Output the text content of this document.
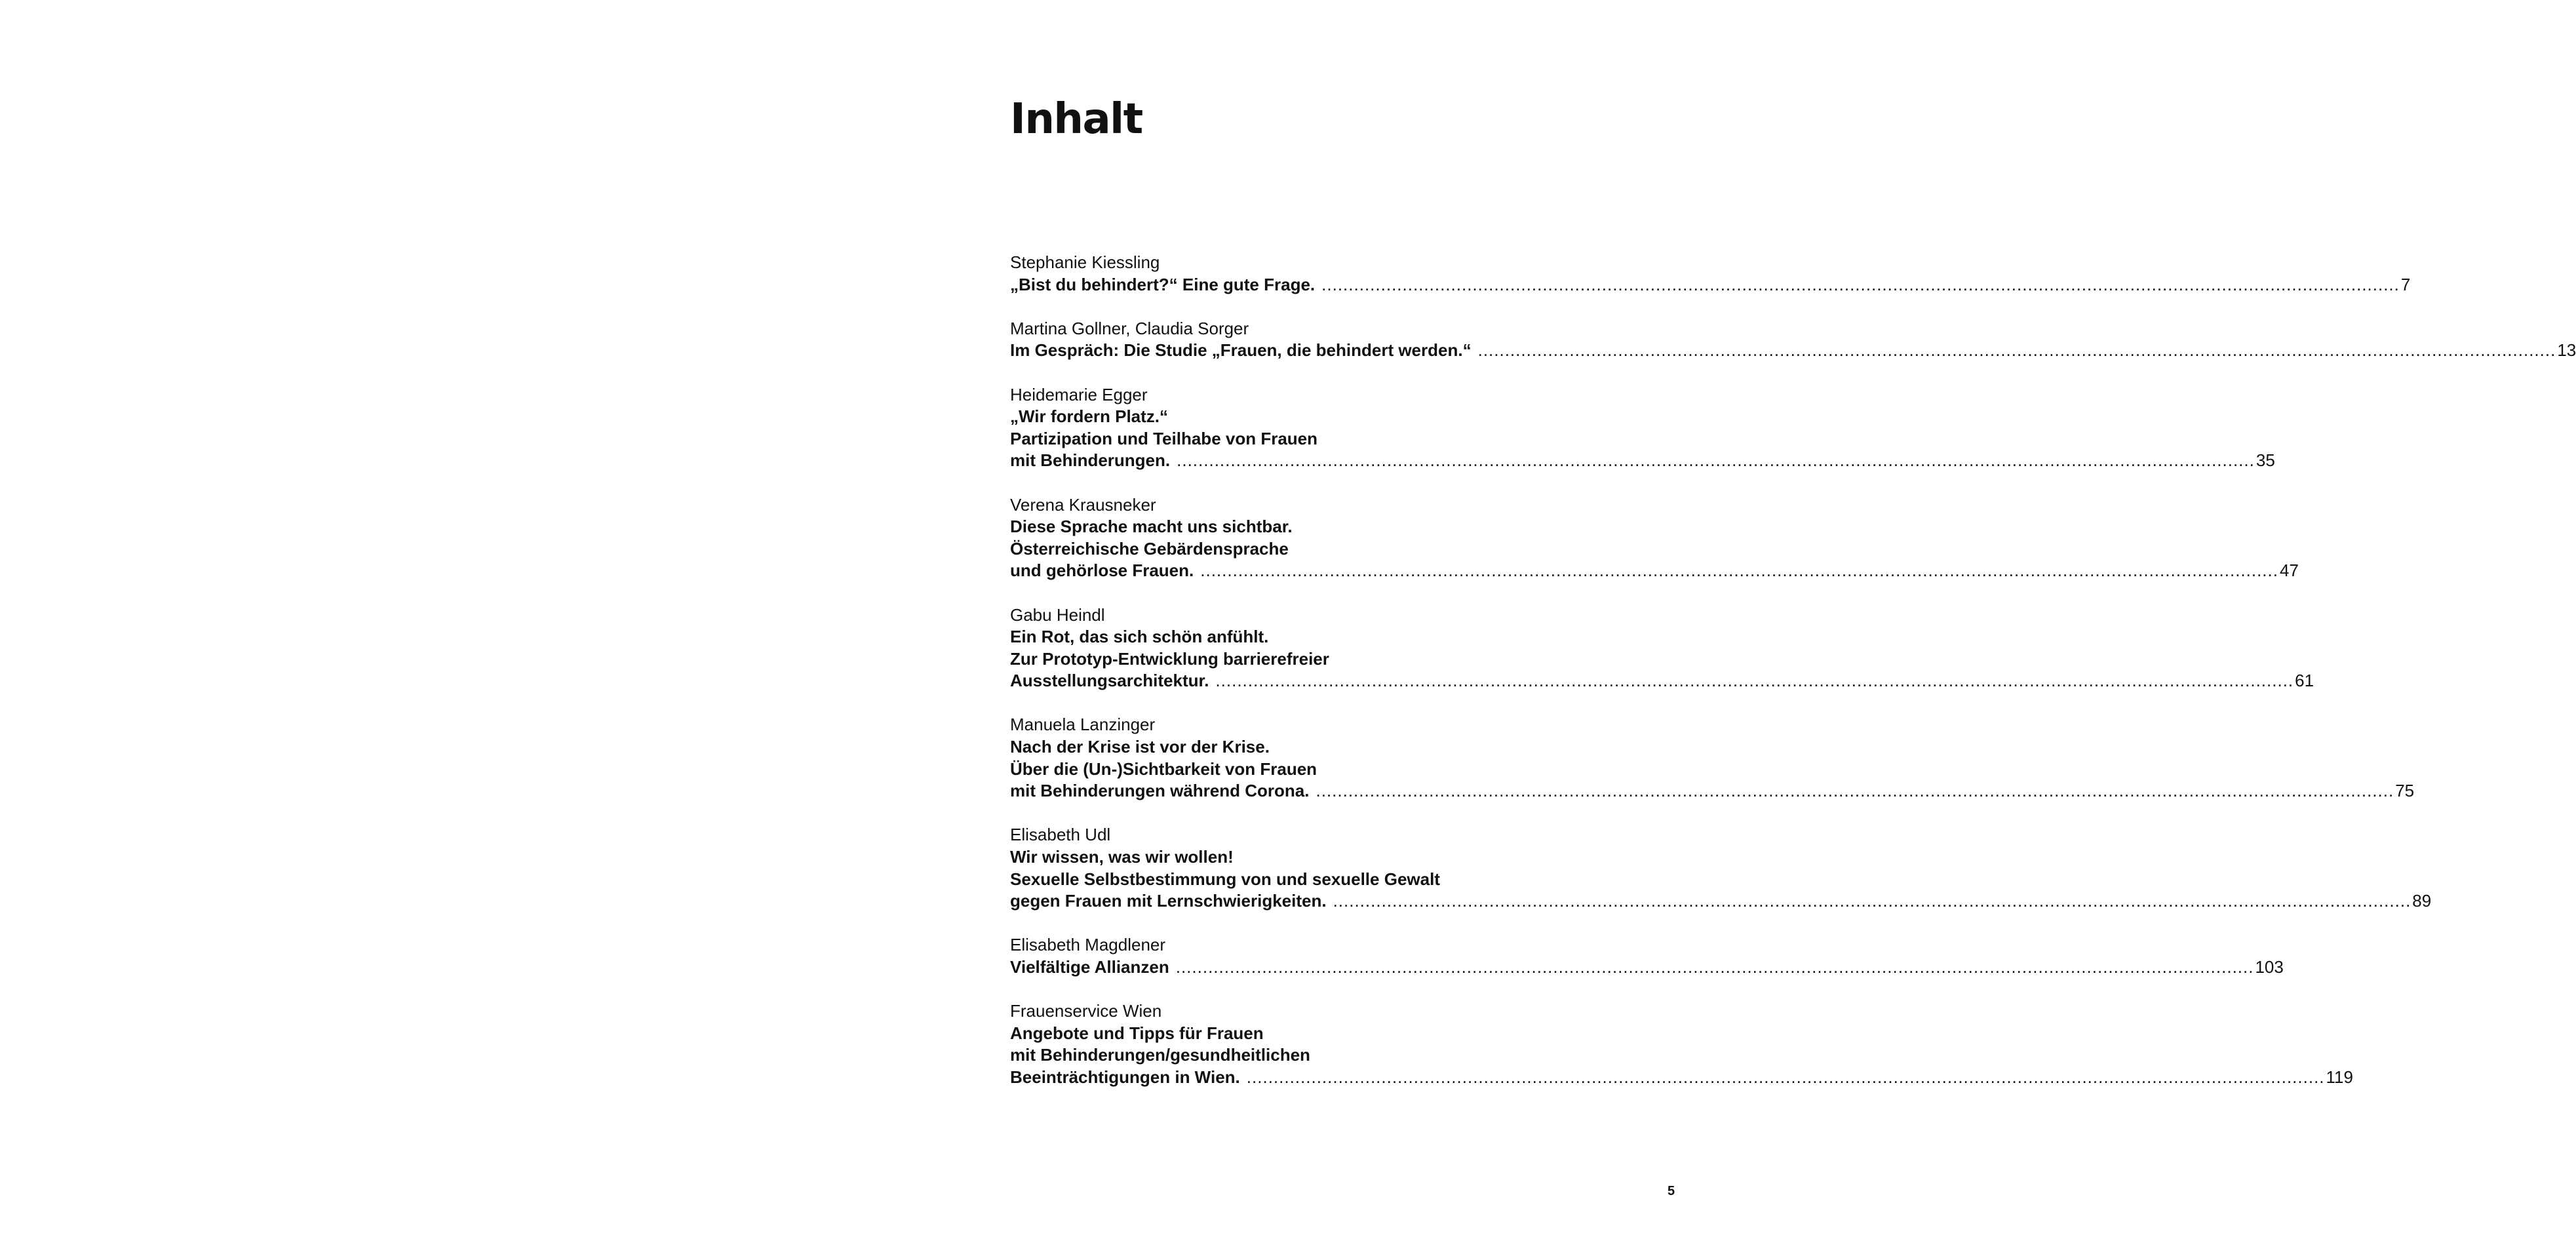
Inhalt
Stephanie Kiessling
„Bist du behindert?“ Eine gute Frage. ........................................................................................................................................................................................................ 7
Martina Gollner, Claudia Sorger
Im Gespräch: Die Studie „Frauen, die behindert werden.“ ........................................................................................................................................................................................................ 13
Heidemarie Egger
„Wir fordern Platz.“
Partizipation und Teilhabe von Frauen
mit Behinderungen. ........................................................................................................................................................................................................ 35
Verena Krausneker
Diese Sprache macht uns sichtbar.
Österreichische Gebärdensprache
und gehörlose Frauen. ........................................................................................................................................................................................................ 47
Gabu Heindl
Ein Rot, das sich schön anfühlt.
Zur Prototyp-Entwicklung barrierefreier
Ausstellungsarchitektur. ........................................................................................................................................................................................................ 61
Manuela Lanzinger
Nach der Krise ist vor der Krise.
Über die (Un-)Sichtbarkeit von Frauen
mit Behinderungen während Corona. ........................................................................................................................................................................................................ 75
Elisabeth Udl
Wir wissen, was wir wollen!
Sexuelle Selbstbestimmung von und sexuelle Gewalt
gegen Frauen mit Lernschwierigkeiten. ........................................................................................................................................................................................................ 89
Elisabeth Magdlener
Vielfältige Allianzen ........................................................................................................................................................................................................ 103
Frauenservice Wien
Angebote und Tipps für Frauen
mit Behinderungen/gesundheitlichen
Beeinträchtigungen in Wien. ........................................................................................................................................................................................................ 119
5
